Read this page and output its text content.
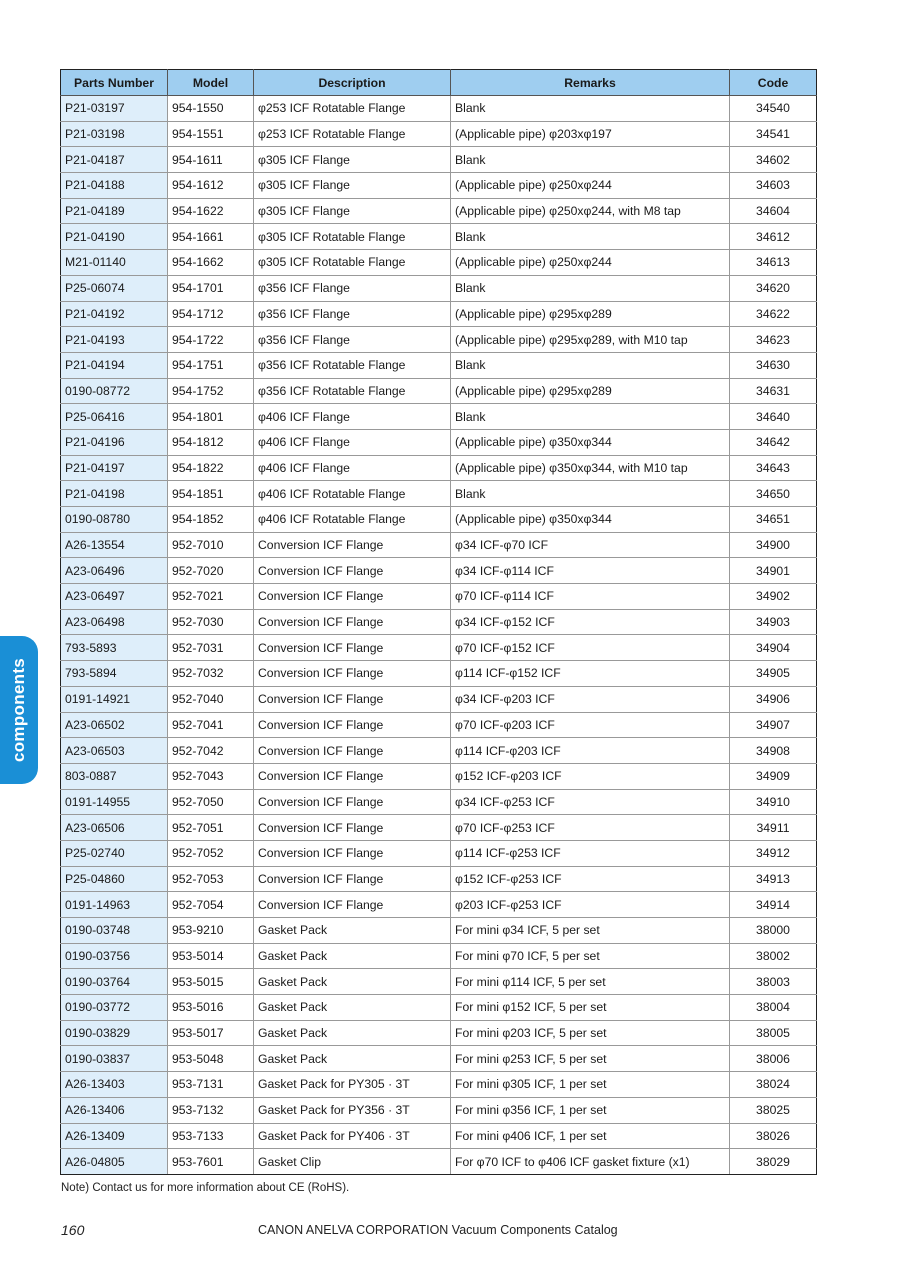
components
Parts Number	Model	Description	Remarks	Code
P21-03197	954-1550	φ253 ICF Rotatable Flange	Blank	34540
P21-03198	954-1551	φ253 ICF Rotatable Flange	(Applicable pipe) φ203xφ197	34541
P21-04187	954-1611	φ305 ICF Flange	Blank	34602
P21-04188	954-1612	φ305 ICF Flange	(Applicable pipe) φ250xφ244	34603
P21-04189	954-1622	φ305 ICF Flange	(Applicable pipe) φ250xφ244, with M8 tap	34604
P21-04190	954-1661	φ305 ICF Rotatable Flange	Blank	34612
M21-01140	954-1662	φ305 ICF Rotatable Flange	(Applicable pipe) φ250xφ244	34613
P25-06074	954-1701	φ356 ICF Flange	Blank	34620
P21-04192	954-1712	φ356 ICF Flange	(Applicable pipe) φ295xφ289	34622
P21-04193	954-1722	φ356 ICF Flange	(Applicable pipe) φ295xφ289, with M10 tap	34623
P21-04194	954-1751	φ356 ICF Rotatable Flange	Blank	34630
0190-08772	954-1752	φ356 ICF Rotatable Flange	(Applicable pipe) φ295xφ289	34631
P25-06416	954-1801	φ406 ICF Flange	Blank	34640
P21-04196	954-1812	φ406 ICF Flange	(Applicable pipe) φ350xφ344	34642
P21-04197	954-1822	φ406 ICF Flange	(Applicable pipe) φ350xφ344, with M10 tap	34643
P21-04198	954-1851	φ406 ICF Rotatable Flange	Blank	34650
0190-08780	954-1852	φ406 ICF Rotatable Flange	(Applicable pipe) φ350xφ344	34651
A26-13554	952-7010	Conversion ICF Flange	φ34 ICF-φ70 ICF	34900
A23-06496	952-7020	Conversion ICF Flange	φ34 ICF-φ114 ICF	34901
A23-06497	952-7021	Conversion ICF Flange	φ70 ICF-φ114 ICF	34902
A23-06498	952-7030	Conversion ICF Flange	φ34 ICF-φ152 ICF	34903
793-5893	952-7031	Conversion ICF Flange	φ70 ICF-φ152 ICF	34904
793-5894	952-7032	Conversion ICF Flange	φ114 ICF-φ152 ICF	34905
0191-14921	952-7040	Conversion ICF Flange	φ34 ICF-φ203 ICF	34906
A23-06502	952-7041	Conversion ICF Flange	φ70 ICF-φ203 ICF	34907
A23-06503	952-7042	Conversion ICF Flange	φ114 ICF-φ203 ICF	34908
803-0887	952-7043	Conversion ICF Flange	φ152 ICF-φ203 ICF	34909
0191-14955	952-7050	Conversion ICF Flange	φ34 ICF-φ253 ICF	34910
A23-06506	952-7051	Conversion ICF Flange	φ70 ICF-φ253 ICF	34911
P25-02740	952-7052	Conversion ICF Flange	φ114 ICF-φ253 ICF	34912
P25-04860	952-7053	Conversion ICF Flange	φ152 ICF-φ253 ICF	34913
0191-14963	952-7054	Conversion ICF Flange	φ203 ICF-φ253 ICF	34914
0190-03748	953-9210	Gasket Pack	For mini φ34 ICF, 5 per set	38000
0190-03756	953-5014	Gasket Pack	For mini φ70 ICF, 5 per set	38002
0190-03764	953-5015	Gasket Pack	For mini φ114 ICF, 5 per set	38003
0190-03772	953-5016	Gasket Pack	For mini φ152 ICF, 5 per set	38004
0190-03829	953-5017	Gasket Pack	For mini φ203 ICF, 5 per set	38005
0190-03837	953-5048	Gasket Pack	For mini φ253 ICF, 5 per set	38006
A26-13403	953-7131	Gasket Pack for PY305 · 3T	For mini φ305 ICF, 1 per set	38024
A26-13406	953-7132	Gasket Pack for PY356 · 3T	For mini φ356 ICF, 1 per set	38025
A26-13409	953-7133	Gasket Pack for PY406 · 3T	For mini φ406 ICF, 1 per set	38026
A26-04805	953-7601	Gasket Clip	For φ70 ICF to φ406 ICF gasket fixture (x1)	38029
Note) Contact us for more information about CE (RoHS).
160	CANON ANELVA CORPORATION Vacuum Components Catalog
